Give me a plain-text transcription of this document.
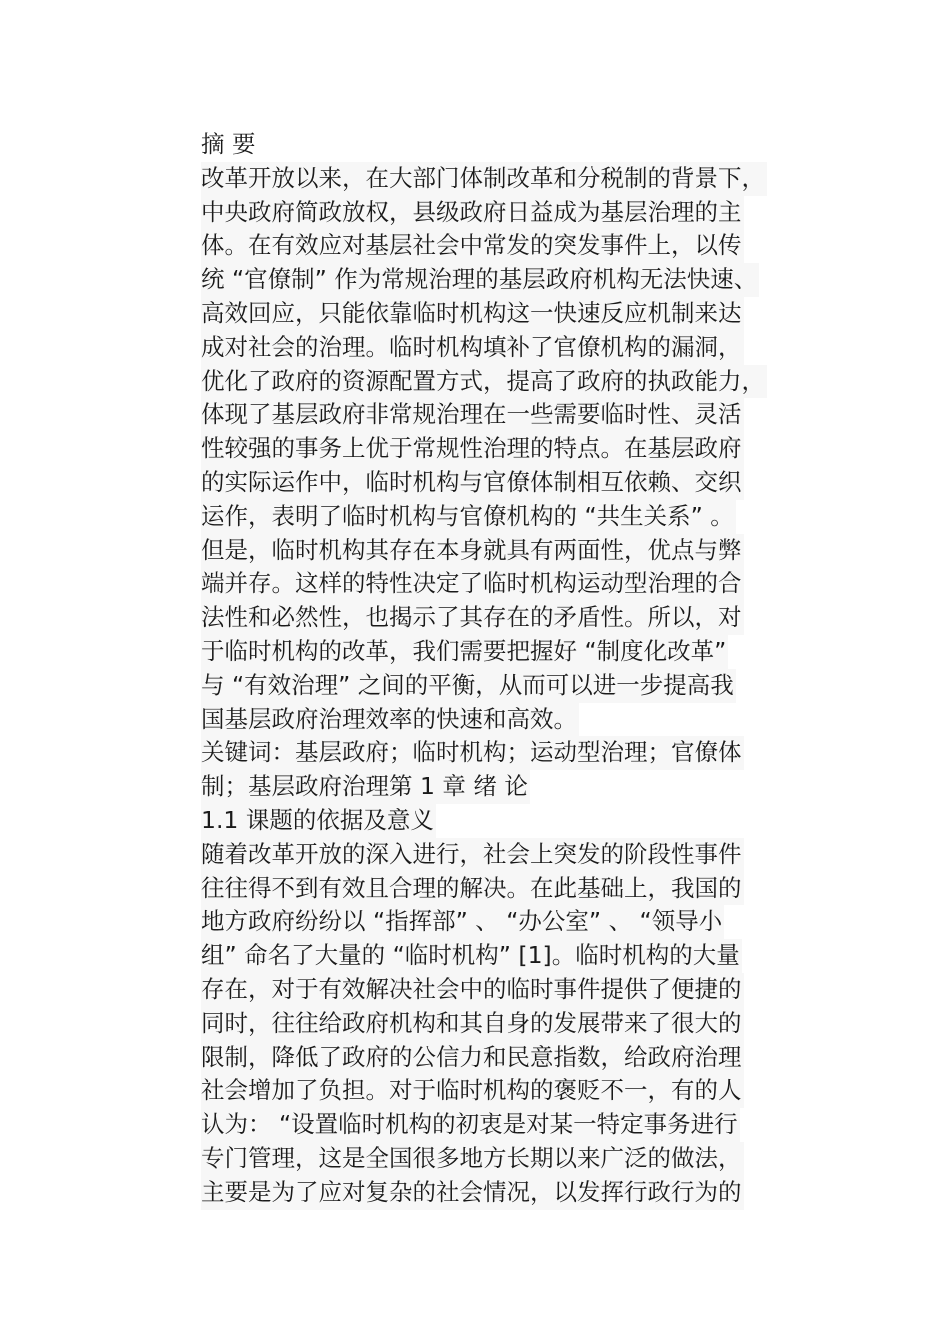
摘 要
改革开放以来，在大部门体制改革和分税制的背景下，
中央政府简政放权，县级政府日益成为基层治理的主
体。在有效应对基层社会中常发的突发事件上，以传
统 “官僚制” 作为常规治理的基层政府机构无法快速、
高效回应，只能依靠临时机构这一快速反应机制来达
成对社会的治理。临时机构填补了官僚机构的漏洞，
优化了政府的资源配置方式，提高了政府的执政能力，
体现了基层政府非常规治理在一些需要临时性、灵活
性较强的事务上优于常规性治理的特点。在基层政府
的实际运作中，临时机构与官僚体制相互依赖、交织
运作，表明了临时机构与官僚机构的 “共生关系” 。
但是，临时机构其存在本身就具有两面性，优点与弊
端并存。这样的特性决定了临时机构运动型治理的合
法性和必然性，也揭示了其存在的矛盾性。所以，对
于临时机构的改革，我们需要把握好 “制度化改革”
与 “有效治理” 之间的平衡，从而可以进一步提高我
国基层政府治理效率的快速和高效。
关键词：基层政府；临时机构；运动型治理；官僚体
制；基层政府治理第 1 章 绪 论
1.1 课题的依据及意义
随着改革开放的深入进行，社会上突发的阶段性事件
往往得不到有效且合理的解决。在此基础上，我国的
地方政府纷纷以 “指挥部” 、 “办公室” 、 “领导小
组” 命名了大量的 “临时机构” [1]。临时机构的大量
存在，对于有效解决社会中的临时事件提供了便捷的
同时，往往给政府机构和其自身的发展带来了很大的
限制，降低了政府的公信力和民意指数，给政府治理
社会增加了负担。对于临时机构的褒贬不一，有的人
认为： “设置临时机构的初衷是对某一特定事务进行
专门管理，这是全国很多地方长期以来广泛的做法，
主要是为了应对复杂的社会情况，以发挥行政行为的
